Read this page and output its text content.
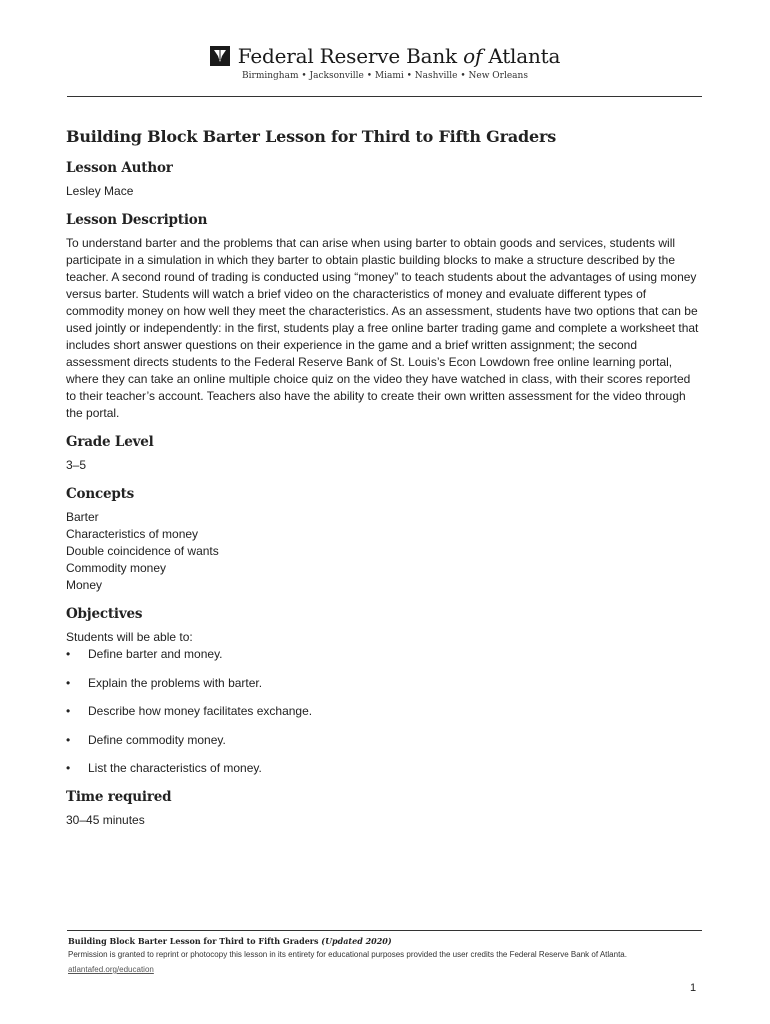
Federal Reserve Bank of Atlanta
Birmingham • Jacksonville • Miami • Nashville • New Orleans
Building Block Barter Lesson for Third to Fifth Graders
Lesson Author
Lesley Mace
Lesson Description
To understand barter and the problems that can arise when using barter to obtain goods and services, students will participate in a simulation in which they barter to obtain plastic building blocks to make a structure described by the teacher. A second round of trading is conducted using “money” to teach students about the advantages of using money versus barter. Students will watch a brief video on the characteristics of money and evaluate different types of commodity money on how well they meet the characteristics. As an assessment, students have two options that can be used jointly or independently: in the first, students play a free online barter trading game and complete a worksheet that includes short answer questions on their experience in the game and a brief written assignment; the second assessment directs students to the Federal Reserve Bank of St. Louis’s Econ Lowdown free online learning portal, where they can take an online multiple choice quiz on the video they have watched in class, with their scores reported to their teacher’s account. Teachers also have the ability to create their own written assessment for the video through the portal.
Grade Level
3–5
Concepts
Barter
Characteristics of money
Double coincidence of wants
Commodity money
Money
Objectives
Students will be able to:
•	Define barter and money.
•	Explain the problems with barter.
•	Describe how money facilitates exchange.
•	Define commodity money.
•	List the characteristics of money.
Time required
30–45 minutes
Building Block Barter Lesson for Third to Fifth Graders (Updated 2020)
Permission is granted to reprint or photocopy this lesson in its entirety for educational purposes provided the user credits the Federal Reserve Bank of Atlanta.
atlantafed.org/education
1
